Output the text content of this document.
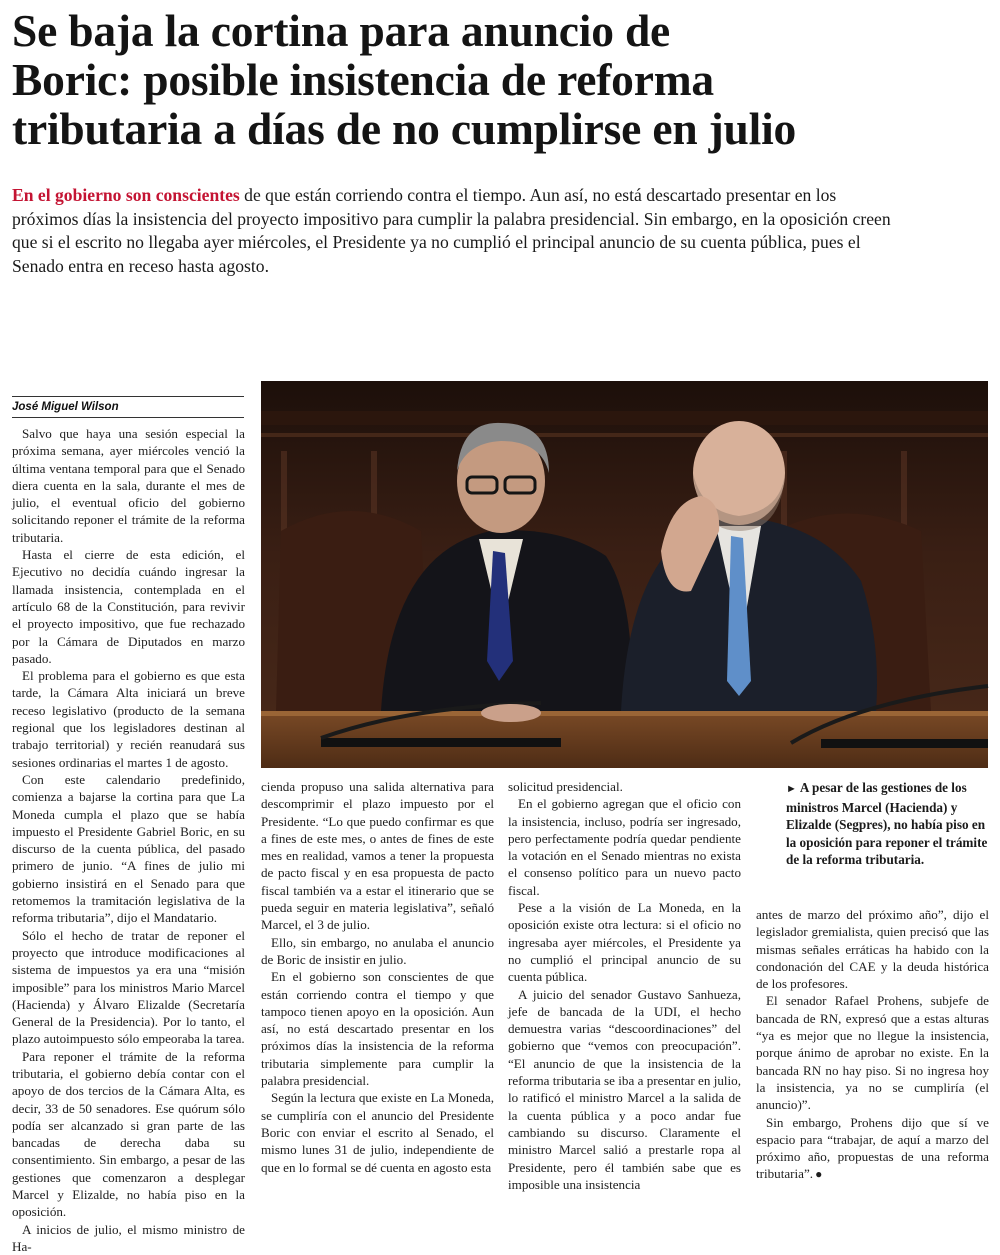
Se baja la cortina para anuncio de
Boric: posible insistencia de reforma
tributaria a días de no cumplirse en julio

En el gobierno son conscientes de que están corriendo contra el tiempo. Aun así, no está descartado presentar en los próximos días la insistencia del proyecto impositivo para cumplir la palabra presidencial. Sin embargo, en la oposición creen que si el escrito no llegaba ayer miércoles, el Presidente ya no cumplió el principal anuncio de su cuenta pública, pues el Senado entra en receso hasta agosto.

José Miguel Wilson

Salvo que haya una sesión especial la próxima semana, ayer miércoles venció la última ventana temporal para que el Senado diera cuenta en la sala, durante el mes de julio, el eventual oficio del gobierno solicitando reponer el trámite de la reforma tributaria.

Hasta el cierre de esta edición, el Ejecutivo no decidía cuándo ingresar la llamada insistencia, contemplada en el artículo 68 de la Constitución, para revivir el proyecto impositivo, que fue rechazado por la Cámara de Diputados en marzo pasado.

El problema para el gobierno es que esta tarde, la Cámara Alta iniciará un breve receso legislativo (producto de la semana regional que los legisladores destinan al trabajo territorial) y recién reanudará sus sesiones ordinarias el martes 1 de agosto.

Con este calendario predefinido, comienza a bajarse la cortina para que La Moneda cumpla el plazo que se había impuesto el Presidente Gabriel Boric, en su discurso de la cuenta pública, del pasado primero de junio. “A fines de julio mi gobierno insistirá en el Senado para que retomemos la tramitación legislativa de la reforma tributaria”, dijo el Mandatario.

Sólo el hecho de tratar de reponer el proyecto que introduce modificaciones al sistema de impuestos ya era una “misión imposible” para los ministros Mario Marcel (Hacienda) y Álvaro Elizalde (Secretaría General de la Presidencia). Por lo tanto, el plazo autoimpuesto sólo empeoraba la tarea.

Para reponer el trámite de la reforma tributaria, el gobierno debía contar con el apoyo de dos tercios de la Cámara Alta, es decir, 33 de 50 senadores. Ese quórum sólo podía ser alcanzado si gran parte de las bancadas de derecha daba su consentimiento. Sin embargo, a pesar de las gestiones que comenzaron a desplegar Marcel y Elizalde, no había piso en la oposición.

A inicios de julio, el mismo ministro de Ha-

cienda propuso una salida alternativa para descomprimir el plazo impuesto por el Presidente. “Lo que puedo confirmar es que a fines de este mes, o antes de fines de este mes en realidad, vamos a tener la propuesta de pacto fiscal y en esa propuesta de pacto fiscal también va a estar el itinerario que se pueda seguir en materia legislativa”, señaló Marcel, el 3 de julio.

Ello, sin embargo, no anulaba el anuncio de Boric de insistir en julio.

En el gobierno son conscientes de que están corriendo contra el tiempo y que tampoco tienen apoyo en la oposición. Aun así, no está descartado presentar en los próximos días la insistencia de la reforma tributaria simplemente para cumplir la palabra presidencial.

Según la lectura que existe en La Moneda, se cumpliría con el anuncio del Presidente Boric con enviar el escrito al Senado, el mismo lunes 31 de julio, independiente de que en lo formal se dé cuenta en agosto esta

solicitud presidencial.

En el gobierno agregan que el oficio con la insistencia, incluso, podría ser ingresado, pero perfectamente podría quedar pendiente la votación en el Senado mientras no exista el consenso político para un nuevo pacto fiscal.

Pese a la visión de La Moneda, en la oposición existe otra lectura: si el oficio no ingresaba ayer miércoles, el Presidente ya no cumplió el principal anuncio de su cuenta pública.

A juicio del senador Gustavo Sanhueza, jefe de bancada de la UDI, el hecho demuestra varias “descoordinaciones” del gobierno que “vemos con preocupación”. “El anuncio de que la insistencia de la reforma tributaria se iba a presentar en julio, lo ratificó el ministro Marcel a la salida de la cuenta pública y a poco andar fue cambiando su discurso. Claramente el ministro Marcel salió a prestarle ropa al Presidente, pero él también sabe que es imposible una insistencia

► A pesar de las gestiones de los ministros Marcel (Hacienda) y Elizalde (Segpres), no había piso en la oposición para reponer el trámite de la reforma tributaria.

antes de marzo del próximo año”, dijo el legislador gremialista, quien precisó que las mismas señales erráticas ha habido con la condonación del CAE y la deuda histórica de los profesores.

El senador Rafael Prohens, subjefe de bancada de RN, expresó que a estas alturas “ya es mejor que no llegue la insistencia, porque ánimo de aprobar no existe. En la bancada RN no hay piso. Si no ingresa hoy la insistencia, ya no se cumpliría (el anuncio)”.

Sin embargo, Prohens dijo que sí ve espacio para “trabajar, de aquí a marzo del próximo año, propuestas de una reforma tributaria”. ●
